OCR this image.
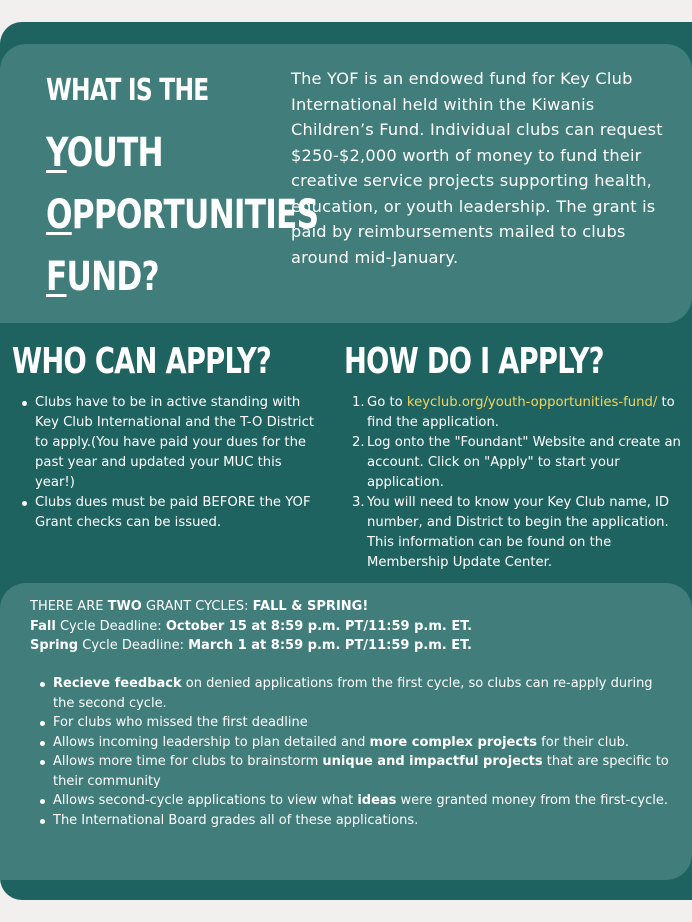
WHAT IS THE
YOUTH
OPPORTUNITIES
FUND?
The YOF is an endowed fund for Key Club International held within the Kiwanis Children’s Fund. Individual clubs can request $250-$2,000 worth of money to fund their creative service projects supporting health, education, or youth leadership. The grant is paid by reimbursements mailed to clubs around mid-January.
WHO CAN APPLY? HOW DO I APPLY?
Clubs have to be in active standing with Key Club International and the T-O District to apply.(You have paid your dues for the past year and updated your MUC this year!)
Clubs dues must be paid BEFORE the YOF Grant checks can be issued.
1. Go to keyclub.org/youth-opportunities-fund/ to find the application.
2. Log onto the "Foundant" Website and create an account. Click on "Apply" to start your application.
3. You will need to know your Key Club name, ID number, and District to begin the application. This information can be found on the Membership Update Center.
THERE ARE TWO GRANT CYCLES: FALL & SPRING!
Fall Cycle Deadline: October 15 at 8:59 p.m. PT/11:59 p.m. ET.
Spring Cycle Deadline: March 1 at 8:59 p.m. PT/11:59 p.m. ET.
Recieve feedback on denied applications from the first cycle, so clubs can re-apply during the second cycle.
For clubs who missed the first deadline
Allows incoming leadership to plan detailed and more complex projects for their club.
Allows more time for clubs to brainstorm unique and impactful projects that are specific to their community
Allows second-cycle applications to view what ideas were granted money from the first-cycle.
The International Board grades all of these applications.
